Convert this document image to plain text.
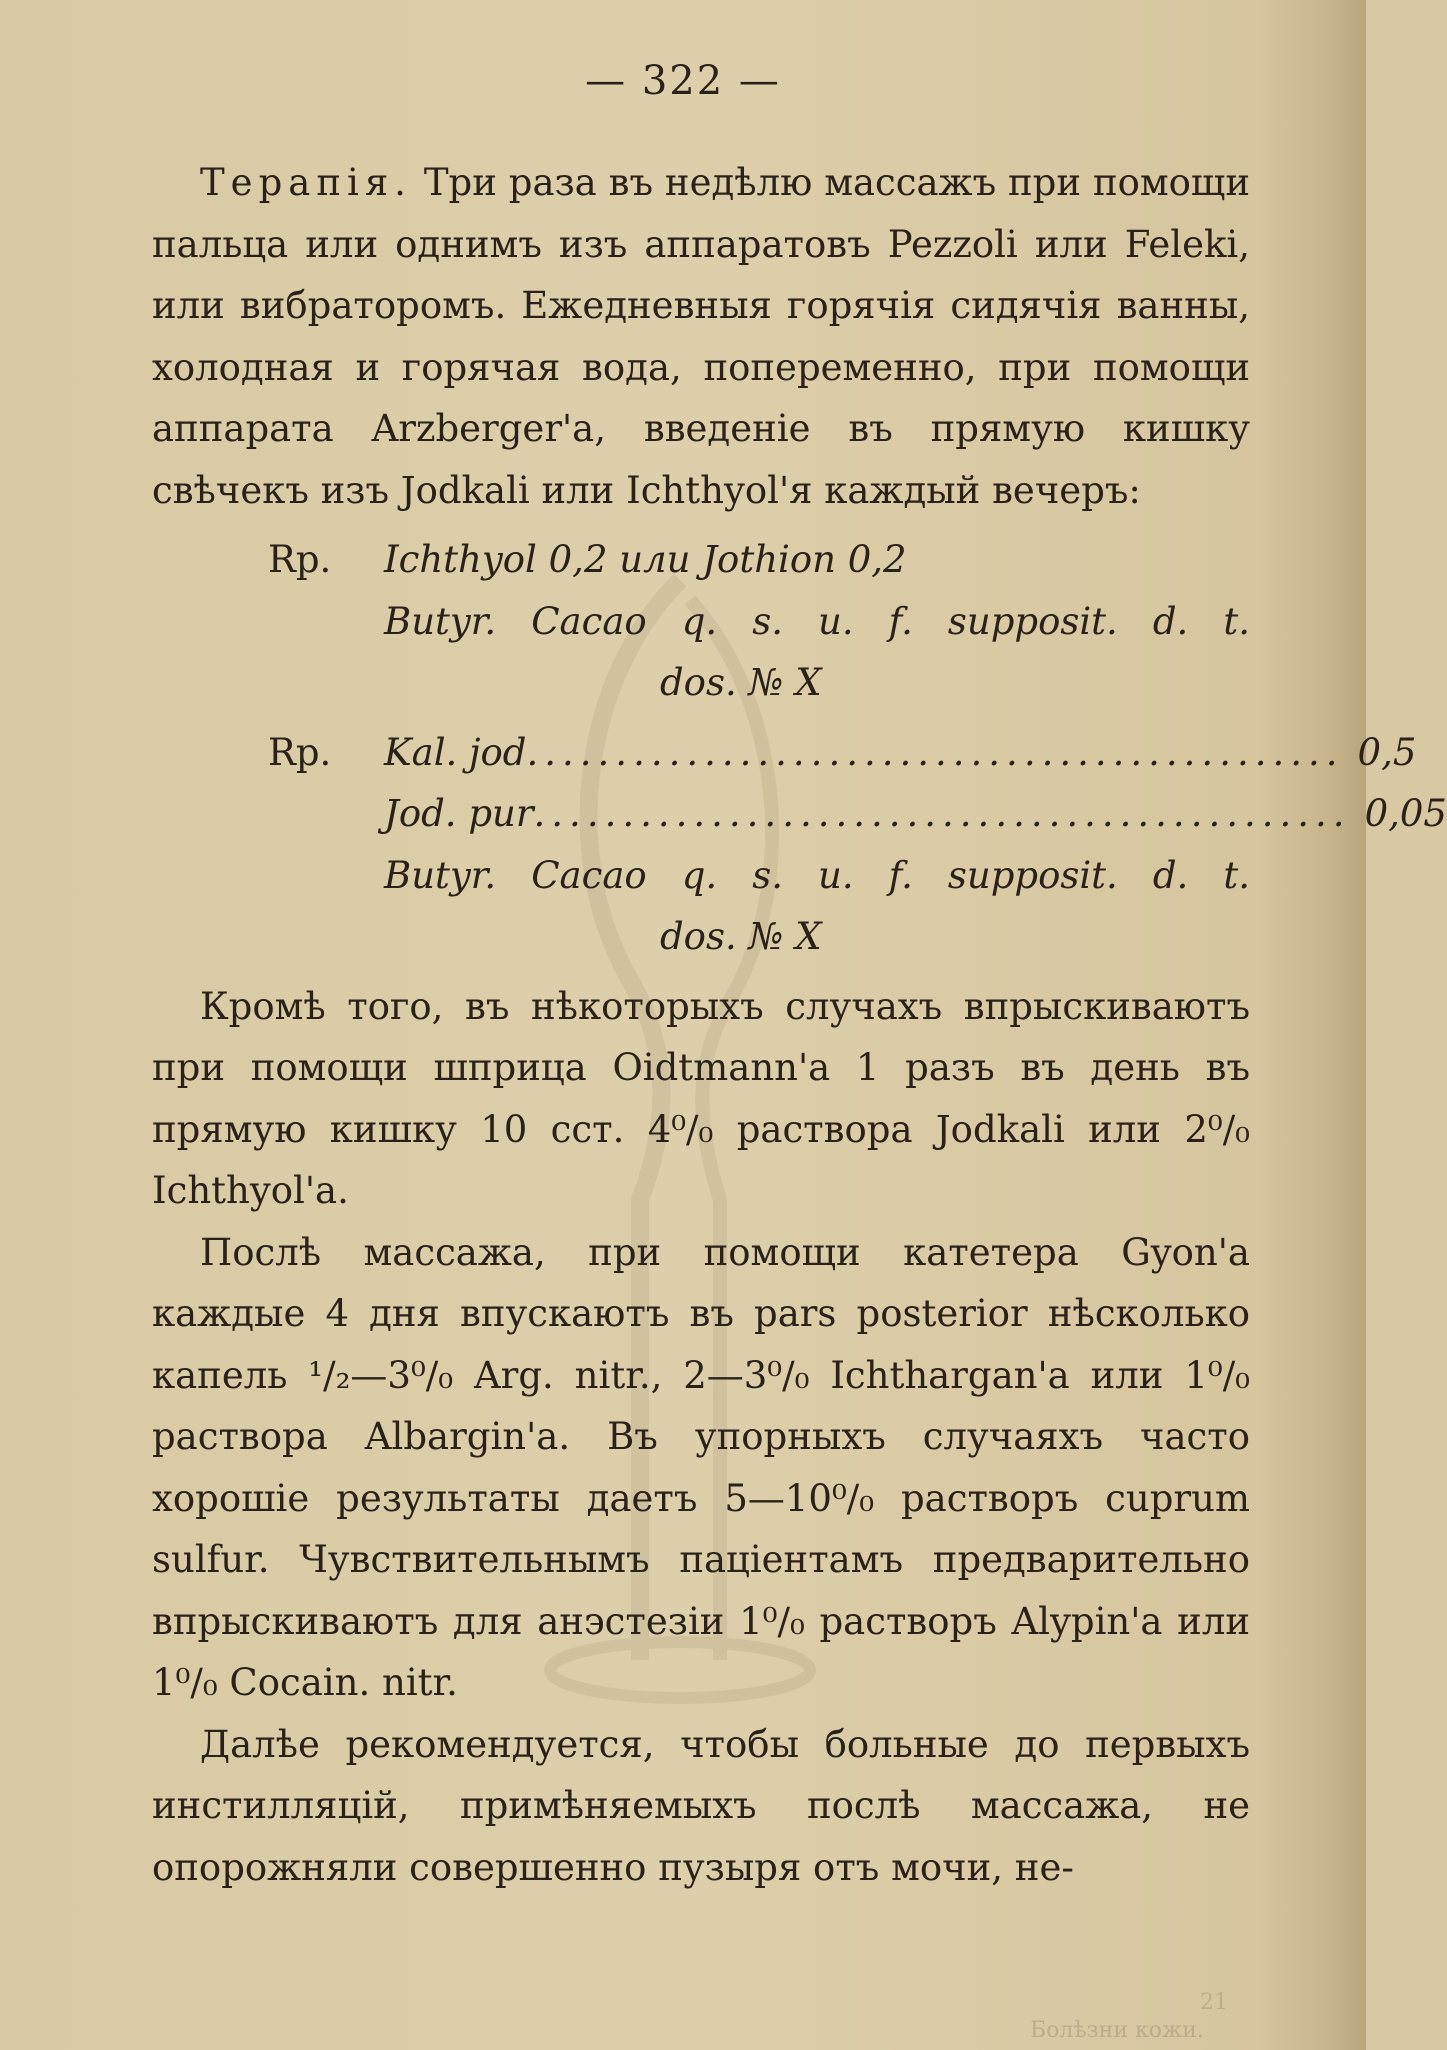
— 322 —

Терапія. Три раза въ недѣлю массажъ при помощи пальца или однимъ изъ аппаратовъ Pezzoli или Feleki, или вибраторомъ. Ежедневныя горячія сидячія ванны, холодная и горячая вода, попеременно, при помощи аппарата Arzberger'a, введеніе въ прямую кишку свѣчекъ изъ Jodkali или Ichthyol'я каждый вечеръ:

Rp.	Ichthyol 0,2 или Jothion 0,2
Butyr. Cacao q. s. u. f. supposit. d. t.
dos. № X
Rp.	Kal. jod .............................................. 0,5
Jod. pur .............................................. 0,05
Butyr. Cacao q. s. u. f. supposit. d. t.
dos. № X

Кромѣ того, въ нѣкоторыхъ случахъ впрыскиваютъ при помощи шприца Oidtmann'a 1 разъ въ день въ прямую кишку 10 cст. 4⁰/₀ раствора Jodkali или 2⁰/₀ Ichthyol'a.

Послѣ массажа, при помощи катетера Gyon'a каждые 4 дня впускаютъ въ pars posterior нѣсколько капель ¹/₂—3⁰/₀ Arg. nitr., 2—3⁰/₀ Ichthargan'a или 1⁰/₀ раствора Albargin'a. Въ упорныхъ случаяхъ часто хорошіе результаты даетъ 5—10⁰/₀ растворъ cuprum sulfur. Чувствительнымъ паціентамъ предварительно впрыскиваютъ для анэстезіи 1⁰/₀ растворъ Alypin'a или 1⁰/₀ Cocain. nitr.

Далѣе рекомендуется, чтобы больные до первыхъ инстилляцій, примѣняемыхъ послѣ массажа, не опорожняли совершенно пузыря отъ мочи, не-

Болѣзни кожи.
21
